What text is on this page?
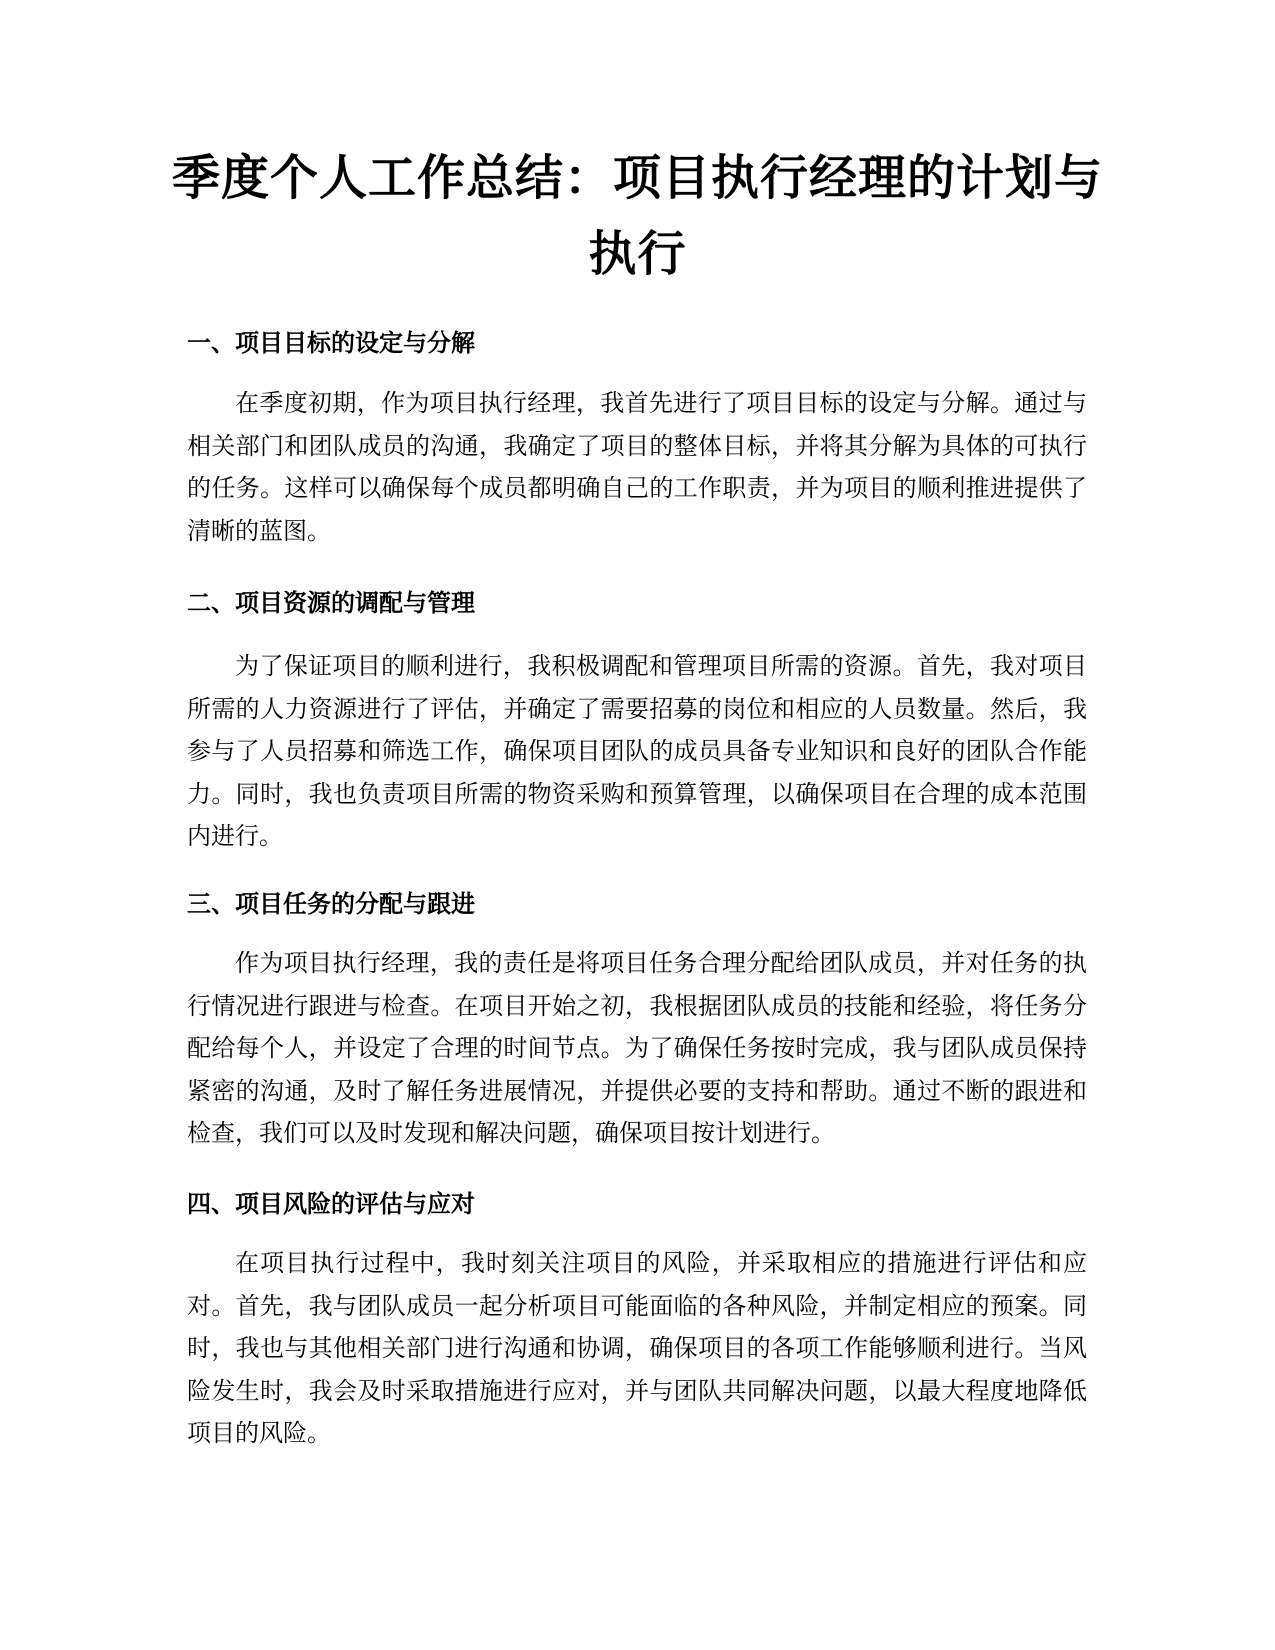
季度个人工作总结：项目执行经理的计划与执行
一、项目目标的设定与分解

在季度初期，作为项目执行经理，我首先进行了项目目标的设定与分解。通过与相关部门和团队成员的沟通，我确定了项目的整体目标，并将其分解为具体的可执行的任务。这样可以确保每个成员都明确自己的工作职责，并为项目的顺利推进提供了清晰的蓝图。

二、项目资源的调配与管理

为了保证项目的顺利进行，我积极调配和管理项目所需的资源。首先，我对项目所需的人力资源进行了评估，并确定了需要招募的岗位和相应的人员数量。然后，我参与了人员招募和筛选工作，确保项目团队的成员具备专业知识和良好的团队合作能力。同时，我也负责项目所需的物资采购和预算管理，以确保项目在合理的成本范围内进行。

三、项目任务的分配与跟进

作为项目执行经理，我的责任是将项目任务合理分配给团队成员，并对任务的执行情况进行跟进与检查。在项目开始之初，我根据团队成员的技能和经验，将任务分配给每个人，并设定了合理的时间节点。为了确保任务按时完成，我与团队成员保持紧密的沟通，及时了解任务进展情况，并提供必要的支持和帮助。通过不断的跟进和检查，我们可以及时发现和解决问题，确保项目按计划进行。

四、项目风险的评估与应对

在项目执行过程中，我时刻关注项目的风险，并采取相应的措施进行评估和应对。首先，我与团队成员一起分析项目可能面临的各种风险，并制定相应的预案。同时，我也与其他相关部门进行沟通和协调，确保项目的各项工作能够顺利进行。当风险发生时，我会及时采取措施进行应对，并与团队共同解决问题，以最大程度地降低项目的风险。
